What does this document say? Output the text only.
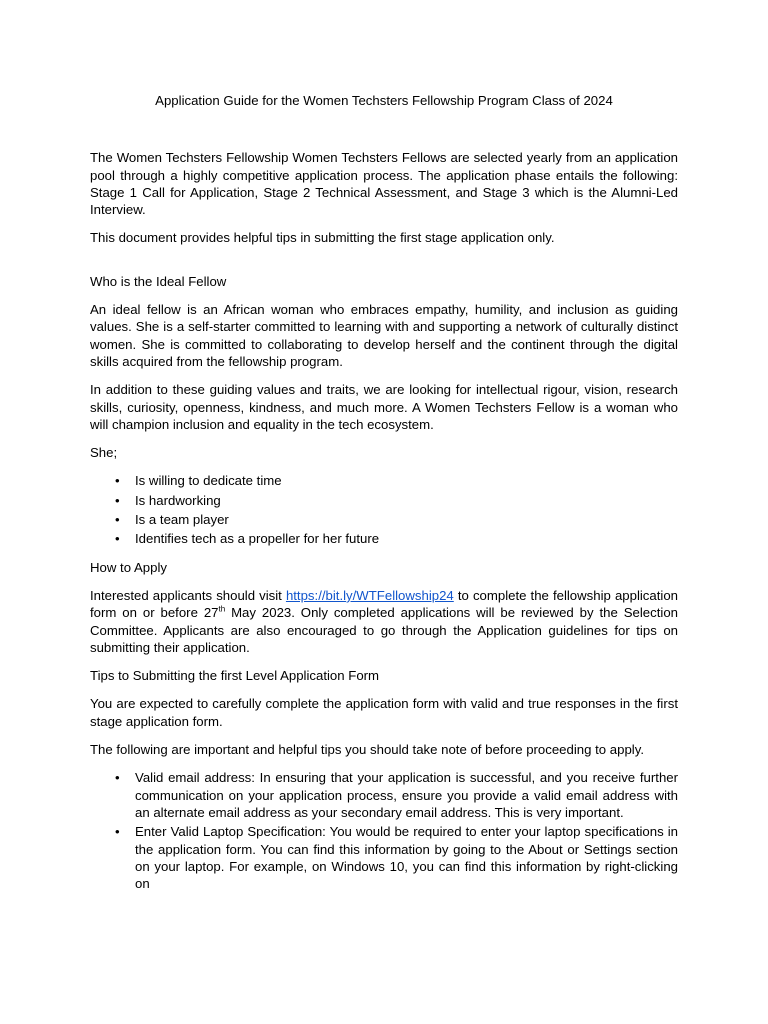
Application Guide for the Women Techsters Fellowship Program Class of 2024

The Women Techsters Fellowship Women Techsters Fellows are selected yearly from an application pool through a highly competitive application process. The application phase entails the following: Stage 1 Call for Application, Stage 2 Technical Assessment, and Stage 3 which is the Alumni-Led Interview.

This document provides helpful tips in submitting the first stage application only.

Who is the Ideal Fellow

An ideal fellow is an African woman who embraces empathy, humility, and inclusion as guiding values. She is a self-starter committed to learning with and supporting a network of culturally distinct women. She is committed to collaborating to develop herself and the continent through the digital skills acquired from the fellowship program.

In addition to these guiding values and traits, we are looking for intellectual rigour, vision, research skills, curiosity, openness, kindness, and much more. A Women Techsters Fellow is a woman who will champion inclusion and equality in the tech ecosystem.

She;

• Is willing to dedicate time
• Is hardworking
• Is a team player
• Identifies tech as a propeller for her future
How to Apply

Interested applicants should visit https://bit.ly/WTFellowship24 to complete the fellowship application form on or before 27th May 2023. Only completed applications will be reviewed by the Selection Committee. Applicants are also encouraged to go through the Application guidelines for tips on submitting their application.

Tips to Submitting the first Level Application Form

You are expected to carefully complete the application form with valid and true responses in the first stage application form.

The following are important and helpful tips you should take note of before proceeding to apply.

• Valid email address: In ensuring that your application is successful, and you receive further communication on your application process, ensure you provide a valid email address with an alternate email address as your secondary email address. This is very important.
• Enter Valid Laptop Specification: You would be required to enter your laptop specifications in the application form. You can find this information by going to the About or Settings section on your laptop. For example, on Windows 10, you can find this information by right-clicking on
